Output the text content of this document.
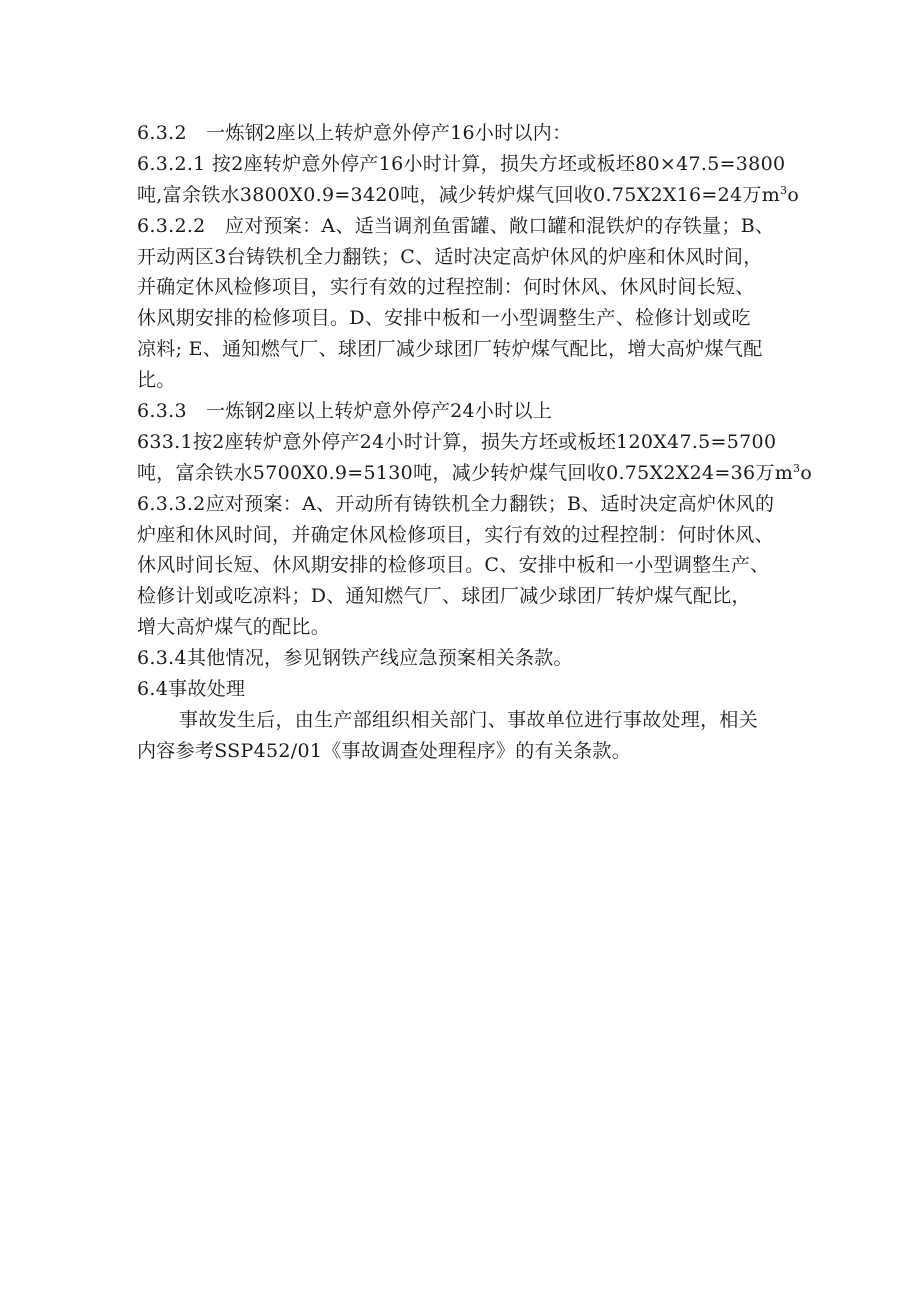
6.3.2　一炼钢2座以上转炉意外停产16小时以内：
6.3.2.1 按2座转炉意外停产16小时计算，损失方坯或板坯80×47.5=3800
吨,富余铁水3800X0.9=3420吨，减少转炉煤气回收0.75X2X16=24万$m^3o$
6.3.2.2　应对预案：A、适当调剂鱼雷罐、敞口罐和混铁炉的存铁量；B、
开动两区3台铸铁机全力翻铁；C、适时决定高炉休风的炉座和休风时间，
并确定休风检修项目，实行有效的过程控制：何时休风、休风时间长短、
休风期安排的检修项目。D、安排中板和一小型调整生产、检修计划或吃
凉料; E、通知燃气厂、球团厂减少球团厂转炉煤气配比，增大高炉煤气配
比。
6.3.3　一炼钢2座以上转炉意外停产24小时以上
633.1按2座转炉意外停产24小时计算，损失方坯或板坯120X47.5=5700
吨，富余铁水5700X0.9=5130吨，减少转炉煤气回收0.75X2X24=36万$m^3o$
6.3.3.2应对预案：A、开动所有铸铁机全力翻铁；B、适时决定高炉休风的
炉座和休风时间，并确定休风检修项目，实行有效的过程控制：何时休风、
休风时间长短、休风期安排的检修项目。C、安排中板和一小型调整生产、
检修计划或吃凉料；D、通知燃气厂、球团厂减少球团厂转炉煤气配比，
增大高炉煤气的配比。
6.3.4其他情况，参见钢铁产线应急预案相关条款。
6.4事故处理
事故发生后，由生产部组织相关部门、事故单位进行事故处理，相关
内容参考SSP452/01《事故调查处理程序》的有关条款。
